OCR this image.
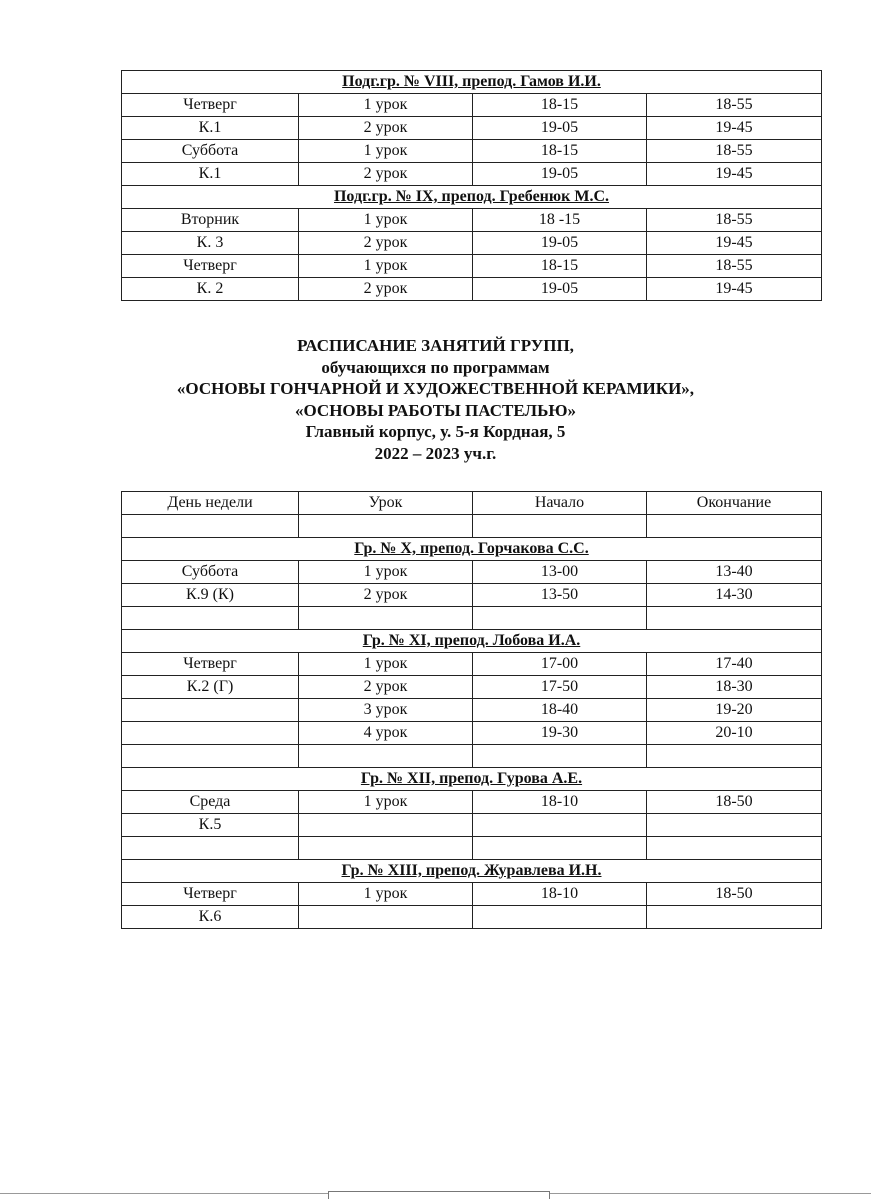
Подг.гр. № VIII, препод. Гамов И.И.			
Четверг	1 урок	18-15	18-55
К.1	2 урок	19-05	19-45
Суббота	1 урок	18-15	18-55
К.1	2 урок	19-05	19-45
Подг.гр. № IX, препод. Гребенюк М.С.			
Вторник	1 урок	18 -15	18-55
К. 3	2 урок	19-05	19-45
Четверг	1 урок	18-15	18-55
К. 2	2 урок	19-05	19-45
РАСПИСАНИЕ ЗАНЯТИЙ ГРУПП,
обучающихся по программам
«ОСНОВЫ ГОНЧАРНОЙ И ХУДОЖЕСТВЕННОЙ КЕРАМИКИ»,
«ОСНОВЫ РАБОТЫ ПАСТЕЛЬЮ»
Главный корпус, у. 5-я Кордная, 5
2022 – 2023 уч.г.
День недели	Урок	Начало	Окончание

Гр. № X, препод. Горчакова С.С.			
Суббота	1 урок	13-00	13-40
К.9 (К)	2 урок	13-50	14-30

Гр. № XI, препод. Лобова И.А.			
Четверг	1 урок	17-00	17-40
К.2 (Г)	2 урок	17-50	18-30
	3 урок	18-40	19-20
	4 урок	19-30	20-10

Гр. № XII, препод. Гурова А.Е.			
Среда	1 урок	18-10	18-50
К.5			

Гр. № XIII, препод. Журавлева И.Н.			
Четверг	1 урок	18-10	18-50
К.6			
